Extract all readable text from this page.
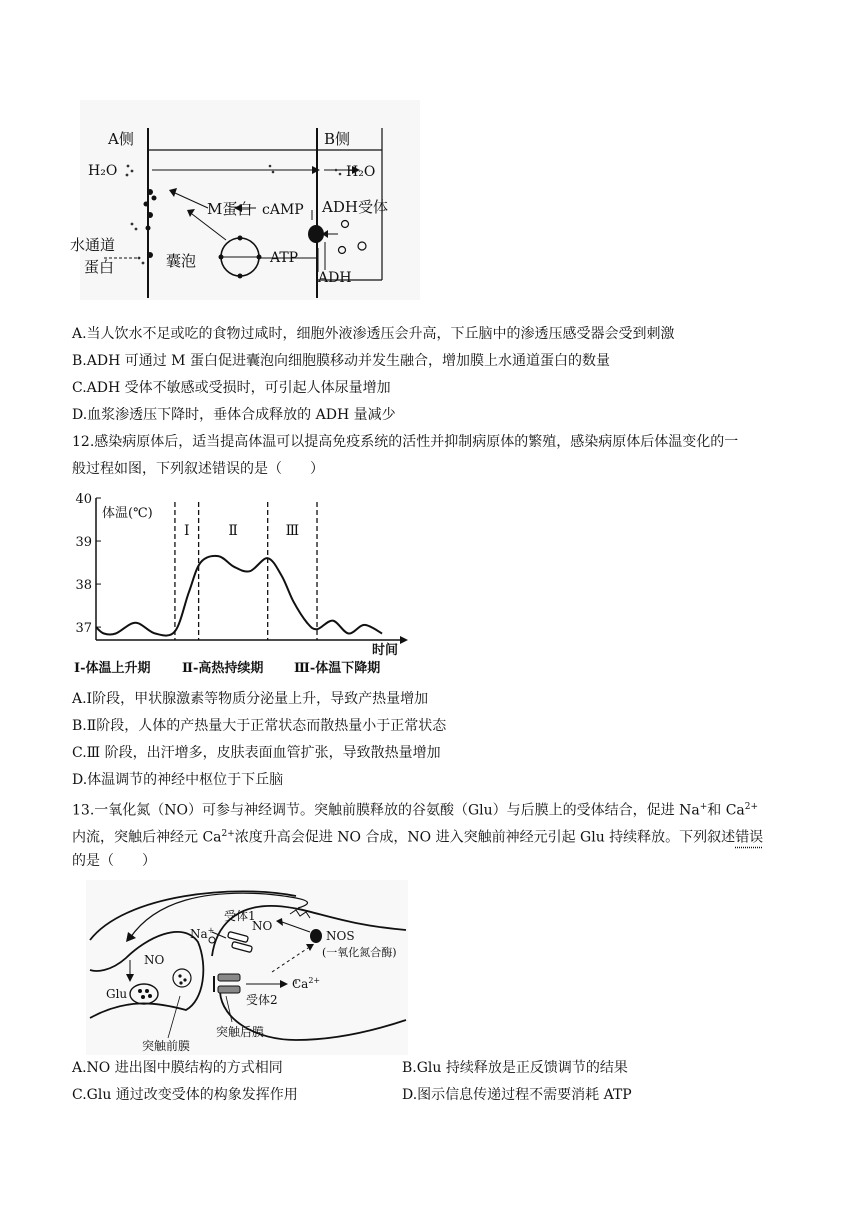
A侧	B侧
H₂O	H₂O
M蛋白 cAMP ADH受体
水通道
蛋白	囊泡	ATP
ADH
A.当人饮水不足或吃的食物过咸时，细胞外液渗透压会升高，下丘脑中的渗透压感受器会受到刺激
B.ADH 可通过 M 蛋白促进囊泡向细胞膜移动并发生融合，增加膜上水通道蛋白的数量
C.ADH 受体不敏感或受损时，可引起人体尿量增加
D.血浆渗透压下降时，垂体合成释放的 ADH 量减少
12.感染病原体后，适当提高体温可以提高免疫系统的活性并抑制病原体的繁殖，感染病原体后体温变化的一
般过程如图，下列叙述错误的是（　　）
Ⅰ	Ⅱ	Ⅲ
40
39
38
37
体温(℃)
时间
Ⅰ-体温上升期 Ⅱ-高热持续期 Ⅲ-体温下降期
A.Ⅰ阶段，甲状腺激素等物质分泌量上升，导致产热量增加
B.Ⅱ阶段，人体的产热量大于正常状态而散热量小于正常状态
C.Ⅲ 阶段，出汗增多，皮肤表面血管扩张，导致散热量增加
D.体温调节的神经中枢位于下丘脑
13.一氧化氮（NO）可参与神经调节。突触前膜释放的谷氨酸（Glu）与后膜上的受体结合，促进 Na+和 $Ca^{2+}$
内流，突触后神经元 $Ca^{2+}$浓度升高会促进 NO 合成，NO 进入突触前神经元引起 Glu 持续释放。下列叙述错误
的是（　　）
受体1
Na+	NO
NOS
(一氧化氮合酶)
NO
Glu
$Ca^{2+}$
受体2
突触前膜
突触后膜
A.NO 进出图中膜结构的方式相同	B.Glu 持续释放是正反馈调节的结果
C.Glu 通过改变受体的构象发挥作用	D.图示信息传递过程不需要消耗 ATP
